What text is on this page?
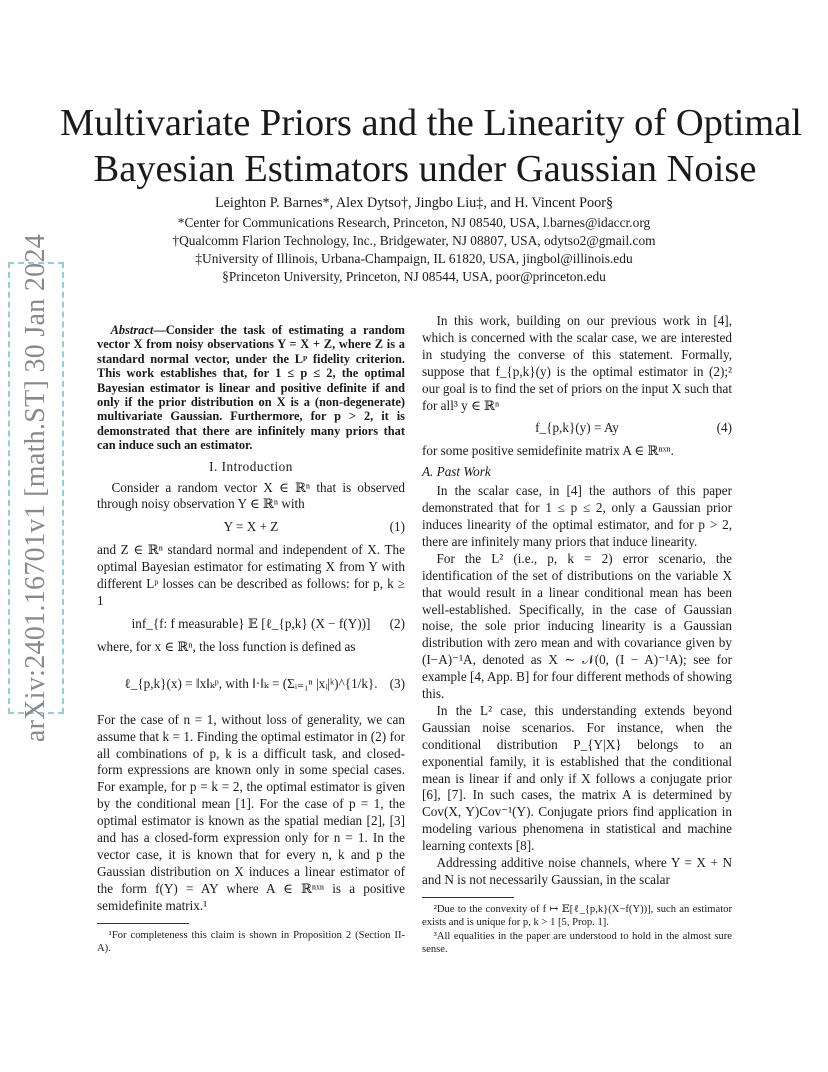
arXiv:2401.16701v1 [math.ST] 30 Jan 2024
Multivariate Priors and the Linearity of Optimal
Bayesian Estimators under Gaussian Noise
Leighton P. Barnes*, Alex Dytso†, Jingbo Liu‡, and H. Vincent Poor§
*Center for Communications Research, Princeton, NJ 08540, USA, l.barnes@idaccr.org
†Qualcomm Flarion Technology, Inc., Bridgewater, NJ 08807, USA, odytso2@gmail.com
‡University of Illinois, Urbana-Champaign, IL 61820, USA, jingbol@illinois.edu
§Princeton University, Princeton, NJ 08544, USA, poor@princeton.edu

Abstract—Consider the task of estimating a random vector X from noisy observations Y = X + Z, where Z is a standard normal vector, under the Lᵖ fidelity criterion. This work establishes that, for 1 ≤ p ≤ 2, the optimal Bayesian estimator is linear and positive definite if and only if the prior distribution on X is a (non-degenerate) multivariate Gaussian. Furthermore, for p > 2, it is demonstrated that there are infinitely many priors that can induce such an estimator.

I. Introduction

Consider a random vector X ∈ ℝⁿ that is observed through noisy observation Y ∈ ℝⁿ with

Y = X + Z	(1)

and Z ∈ ℝⁿ standard normal and independent of X. The optimal Bayesian estimator for estimating X from Y with different Lᵖ losses can be described as follows: for p, k ≥ 1

inf_{f: f measurable} 𝔼 [ℓ_{p,k} (X − f(Y))] (2)

where, for x ∈ ℝⁿ, the loss function is defined as

ℓ_{p,k}(x) = ‖x‖ₖᵖ, with ‖·‖ₖ = (Σᵢ₌₁ⁿ |xᵢ|ᵏ)^{1/k}. (3)

For the case of n = 1, without loss of generality, we can assume that k = 1. Finding the optimal estimator in (2) for all combinations of p, k is a difficult task, and closed-form expressions are known only in some special cases. For example, for p = k = 2, the optimal estimator is given by the conditional mean [1]. For the case of p = 1, the optimal estimator is known as the spatial median [2], [3] and has a closed-form expression only for n = 1. In the vector case, it is known that for every n, k and p the Gaussian distribution on X induces a linear estimator of the form f(Y) = AY where A ∈ ℝⁿˣⁿ is a positive semidefinite matrix.¹

¹For completeness this claim is shown in Proposition 2 (Section II-A).

In this work, building on our previous work in [4], which is concerned with the scalar case, we are interested in studying the converse of this statement. Formally, suppose that f_{p,k}(y) is the optimal estimator in (2);² our goal is to find the set of priors on the input X such that for all³ y ∈ ℝⁿ

f_{p,k}(y) = Ay	(4)

for some positive semidefinite matrix A ∈ ℝⁿˣⁿ.

A. Past Work

In the scalar case, in [4] the authors of this paper demonstrated that for 1 ≤ p ≤ 2, only a Gaussian prior induces linearity of the optimal estimator, and for p > 2, there are infinitely many priors that induce linearity.

For the L² (i.e., p, k = 2) error scenario, the identification of the set of distributions on the variable X that would result in a linear conditional mean has been well-established. Specifically, in the case of Gaussian noise, the sole prior inducing linearity is a Gaussian distribution with zero mean and with covariance given by (I−A)⁻¹A, denoted as X ∼ 𝒩(0, (I − A)⁻¹A); see for example [4, App. B] for four different methods of showing this.

In the L² case, this understanding extends beyond Gaussian noise scenarios. For instance, when the conditional distribution P_{Y|X} belongs to an exponential family, it is established that the conditional mean is linear if and only if X follows a conjugate prior [6], [7]. In such cases, the matrix A is determined by Cov(X, Y)Cov⁻¹(Y). Conjugate priors find application in modeling various phenomena in statistical and machine learning contexts [8].

Addressing additive noise channels, where Y = X + N and N is not necessarily Gaussian, in the scalar

²Due to the convexity of f ↦ 𝔼[ℓ_{p,k}(X−f(Y))], such an estimator exists and is unique for p, k > 1 [5, Prop. 1].

³All equalities in the paper are understood to hold in the almost sure sense.
